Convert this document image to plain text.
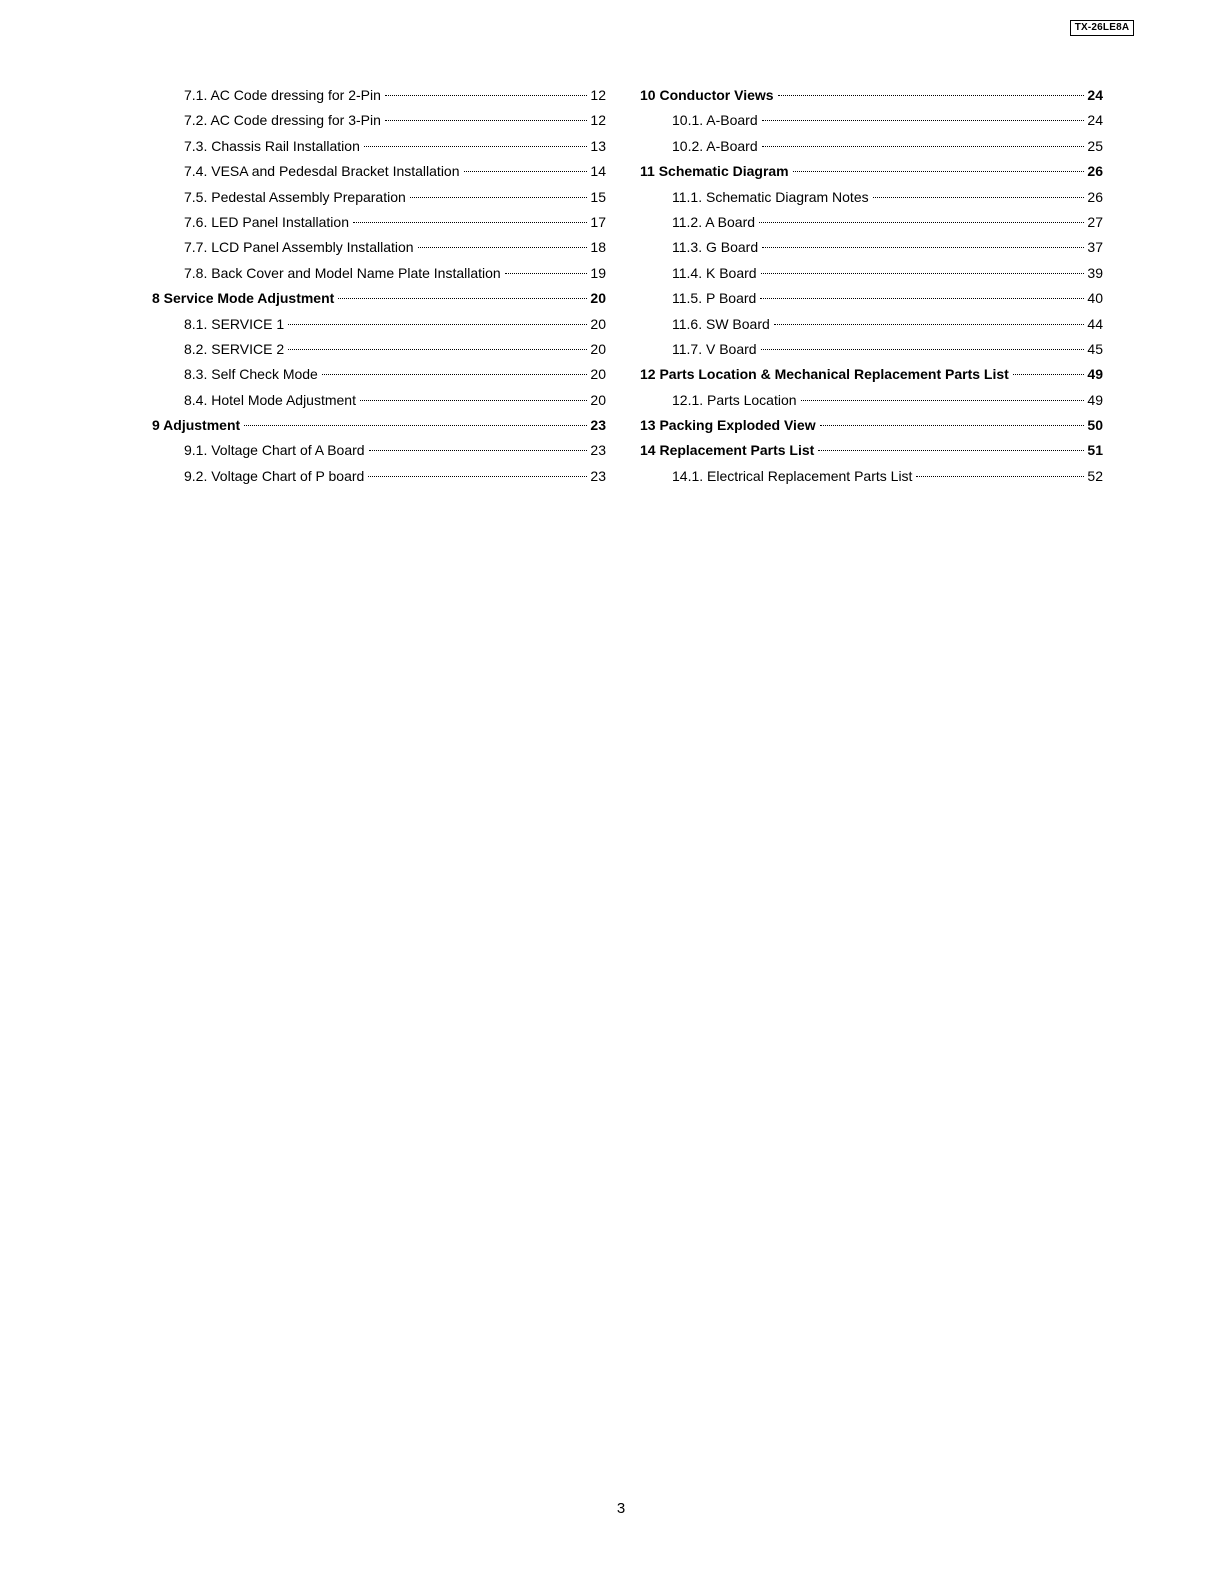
TX-26LE8A
7.1. AC Code dressing for 2-Pin	12
7.2. AC Code dressing for 3-Pin	12
7.3. Chassis Rail Installation	13
7.4. VESA and Pedesdal Bracket Installation	14
7.5. Pedestal Assembly Preparation	15
7.6. LED Panel Installation	17
7.7. LCD Panel Assembly Installation	18
7.8. Back Cover and Model Name Plate Installation	19
8 Service Mode Adjustment	20
8.1. SERVICE 1	20
8.2. SERVICE 2	20
8.3. Self Check Mode	20
8.4. Hotel Mode Adjustment	20
9 Adjustment	23
9.1. Voltage Chart of A Board	23
9.2. Voltage Chart of P board	23
10 Conductor Views	24
10.1. A-Board	24
10.2. A-Board	25
11 Schematic Diagram	26
11.1. Schematic Diagram Notes	26
11.2. A Board	27
11.3. G Board	37
11.4. K Board	39
11.5. P Board	40
11.6. SW Board	44
11.7. V Board	45
12 Parts Location & Mechanical Replacement Parts List	49
12.1. Parts Location	49
13 Packing Exploded View	50
14 Replacement Parts List	51
14.1. Electrical Replacement Parts List	52
3
